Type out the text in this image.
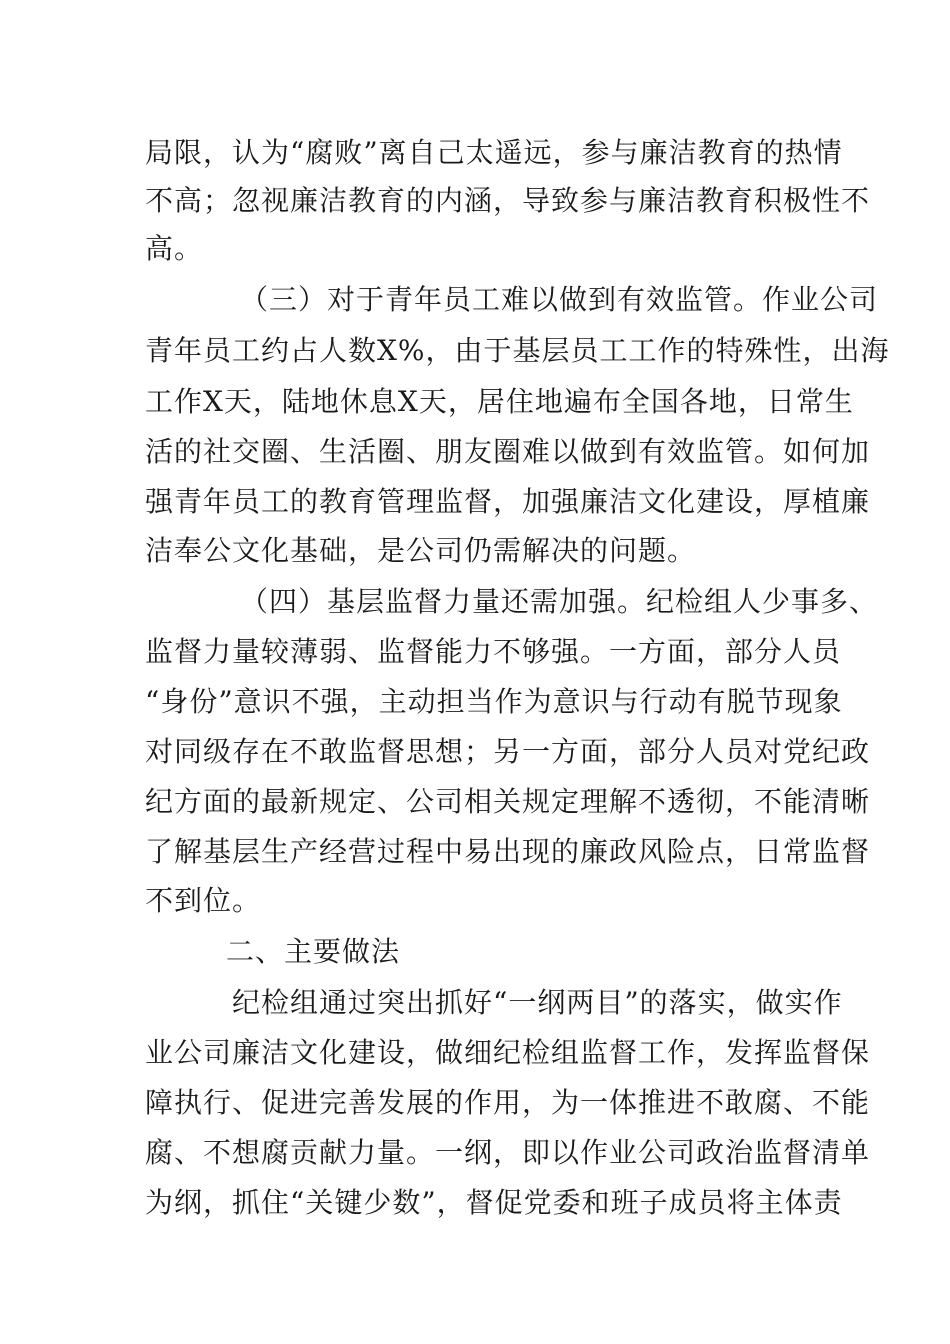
局限，认为“腐败”离自己太遥远，参与廉洁教育的热情
不高；忽视廉洁教育的内涵，导致参与廉洁教育积极性不
高。
（三）对于青年员工难以做到有效监管。作业公司
青年员工约占人数X%，由于基层员工工作的特殊性，出海
工作X天，陆地休息X天，居住地遍布全国各地，日常生
活的社交圈、生活圈、朋友圈难以做到有效监管。如何加
强青年员工的教育管理监督，加强廉洁文化建设，厚植廉
洁奉公文化基础，是公司仍需解决的问题。
（四）基层监督力量还需加强。纪检组人少事多、
监督力量较薄弱、监督能力不够强。一方面，部分人员
“身份”意识不强，主动担当作为意识与行动有脱节现象
对同级存在不敢监督思想；另一方面，部分人员对党纪政
纪方面的最新规定、公司相关规定理解不透彻，不能清晰
了解基层生产经营过程中易出现的廉政风险点，日常监督
不到位。
二、主要做法
纪检组通过突出抓好“一纲两目”的落实，做实作
业公司廉洁文化建设，做细纪检组监督工作，发挥监督保
障执行、促进完善发展的作用，为一体推进不敢腐、不能
腐、不想腐贡献力量。一纲，即以作业公司政治监督清单
为纲，抓住“关键少数”，督促党委和班子成员将主体责
